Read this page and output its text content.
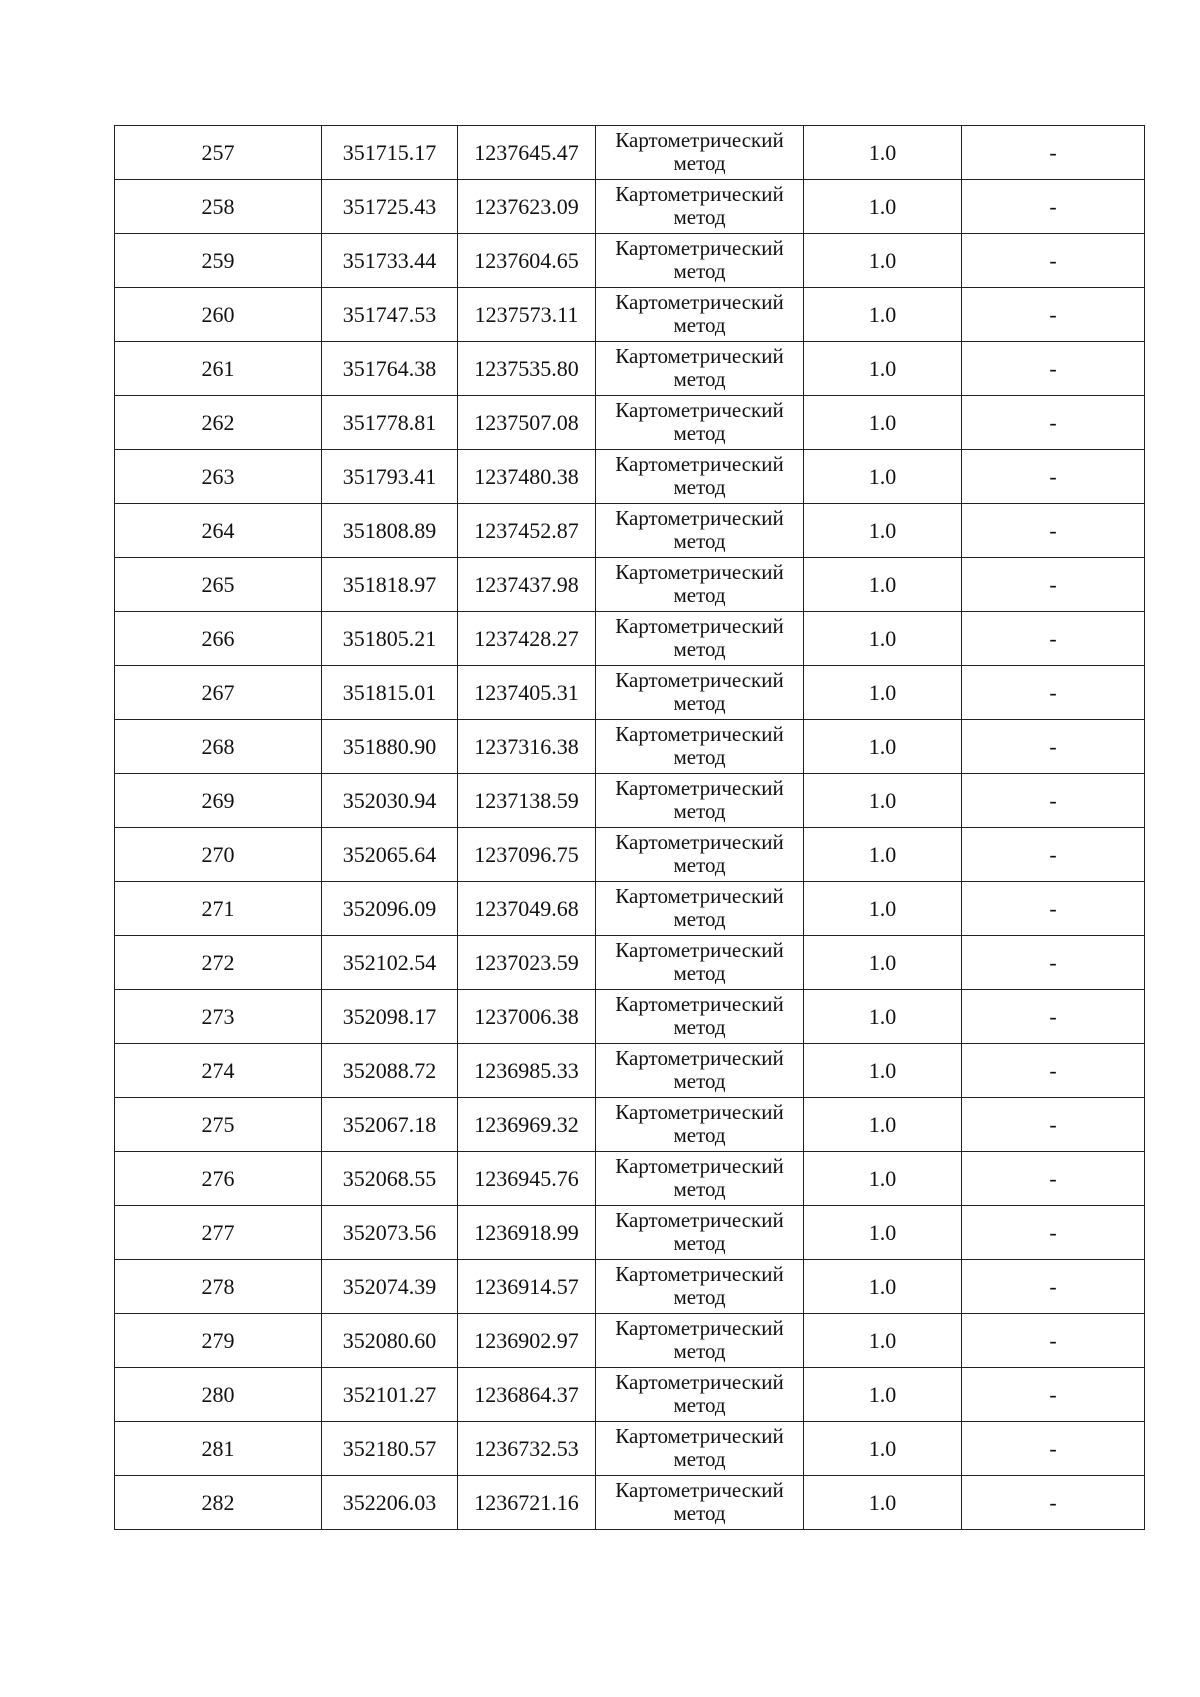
257	351715.17	1237645.47	Картометрический метод	1.0	-
258	351725.43	1237623.09	Картометрический метод	1.0	-
259	351733.44	1237604.65	Картометрический метод	1.0	-
260	351747.53	1237573.11	Картометрический метод	1.0	-
261	351764.38	1237535.80	Картометрический метод	1.0	-
262	351778.81	1237507.08	Картометрический метод	1.0	-
263	351793.41	1237480.38	Картометрический метод	1.0	-
264	351808.89	1237452.87	Картометрический метод	1.0	-
265	351818.97	1237437.98	Картометрический метод	1.0	-
266	351805.21	1237428.27	Картометрический метод	1.0	-
267	351815.01	1237405.31	Картометрический метод	1.0	-
268	351880.90	1237316.38	Картометрический метод	1.0	-
269	352030.94	1237138.59	Картометрический метод	1.0	-
270	352065.64	1237096.75	Картометрический метод	1.0	-
271	352096.09	1237049.68	Картометрический метод	1.0	-
272	352102.54	1237023.59	Картометрический метод	1.0	-
273	352098.17	1237006.38	Картометрический метод	1.0	-
274	352088.72	1236985.33	Картометрический метод	1.0	-
275	352067.18	1236969.32	Картометрический метод	1.0	-
276	352068.55	1236945.76	Картометрический метод	1.0	-
277	352073.56	1236918.99	Картометрический метод	1.0	-
278	352074.39	1236914.57	Картометрический метод	1.0	-
279	352080.60	1236902.97	Картометрический метод	1.0	-
280	352101.27	1236864.37	Картометрический метод	1.0	-
281	352180.57	1236732.53	Картометрический метод	1.0	-
282	352206.03	1236721.16	Картометрический метод	1.0	-
